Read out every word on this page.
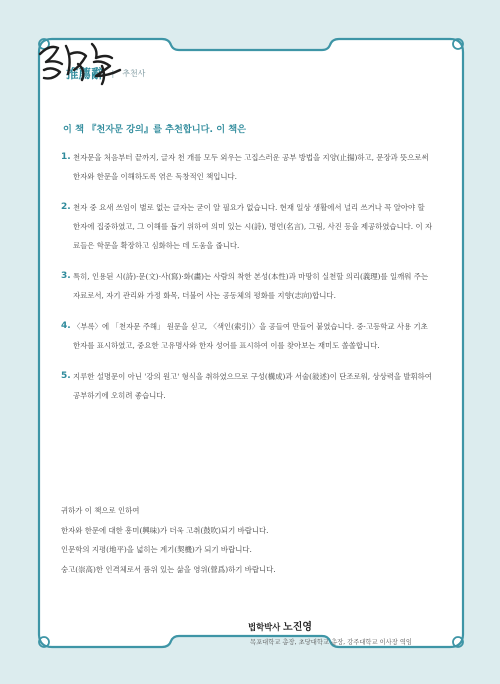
推薦辭 | 추천사
이 책 『천자문 강의』를 추천합니다. 이 책은
1. 천자문을 처음부터 끝까지, 글자 천 개를 모두 외우는 고집스러운 공부 방법을 지양(止揚)하고, 문장과 뜻으로써 한자와 한문을 이해하도록 엮은 독창적인 책입니다.
2. 천자 중 요새 쓰임이 별로 없는 글자는 굳이 알 필요가 없습니다. 현재 일상 생활에서 널리 쓰거나 꼭 알아야 할 한자에 집중하였고, 그 이해를 돕기 위하여 의미 있는 시(詩), 명언(名言), 그림, 사진 등을 제공하였습니다. 이 자료들은 학문을 확장하고 심화하는 데 도움을 줍니다.
3. 특히, 인용된 시(詩)·문(文)·사(寫)·화(畵)는 사람의 착한 본성(本性)과 마땅히 실천할 의리(義理)를 일깨워 주는 자료로서, 자기 관리와 가정 화목, 더불어 사는 공동체의 평화를 지향(志向)합니다.
4. 〈부록〉에 「천자문 주해」 원문을 싣고, 〈색인(索引)〉을 공들여 만들어 붙였습니다. 중·고등학교 사용 기초한자를 표시하였고, 중요한 고유명사와 한자 성어를 표시하여 이를 찾아보는 재미도 쏠쏠합니다.
5. 지루한 설명문이 아닌 '강의 원고' 형식을 취하였으므로 구성(構成)과 서술(敍述)이 단조로워, 상상력을 발휘하여 공부하기에 오히려 좋습니다.
귀하가 이 책으로 인하여
한자와 한문에 대한 흥미(興味)가 더욱 고취(鼓吹)되기 바랍니다.
인문학의 지평(地平)을 넓히는 계기(契機)가 되기 바랍니다.
숭고(崇高)한 인격체로서 품위 있는 삶을 영위(營爲)하기 바랍니다.
법학박사 노진영
목포대학교 총장, 초당대학교 총장, 강주대학교 이사장 역임
